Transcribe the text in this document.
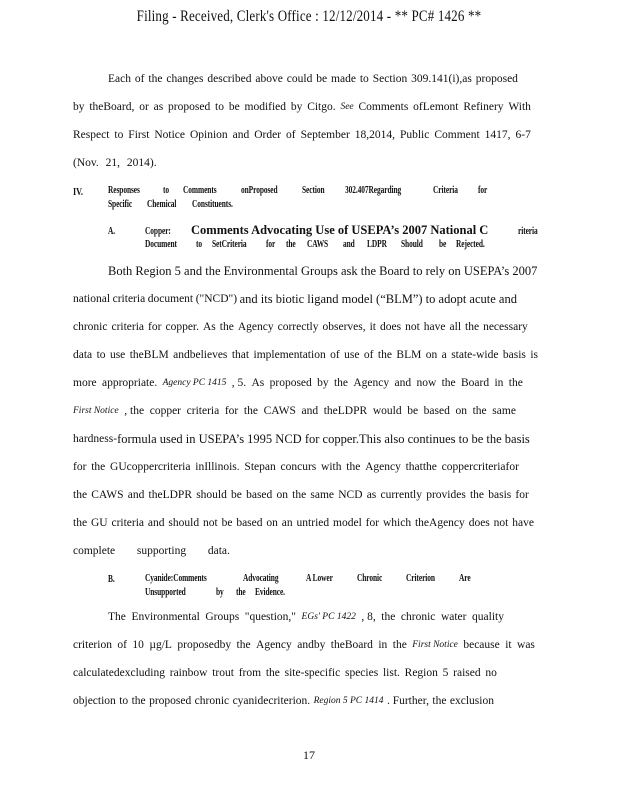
Filing - Received, Clerk's Office : 12/12/2014 - ** PC# 1426 **
Each of the changes described above could be made to Section 309.141(i),as proposed
by theBoard, or as proposed to be modified by Citgo. See Comments ofLemont Refinery With
Respect to First Notice Opinion and Order of September 18,2014, Public Comment 1417, 6-7
(Nov. 21, 2014).
IV.	Responses to Comments onProposed Section 302.407Regarding	Criteria for
Specific Chemical Constituents.
A.	Copper: Comments Advocating Use of USEPA’s 2007 National C	riteria
Document to SetCriteria for the CAWS and LDPR Should be Rejected.
Both Region 5 and the Environmental Groups ask the Board to rely on USEPA’s 2007
national criteria document ("NCD") and its biotic ligand model (“BLM”) to adopt acute and
chronic criteria for copper. As the Agency correctly observes, it does not have all the necessary
data to use theBLM andbelieves that implementation of use of the BLM on a state-wide basis is
more appropriate. Agency PC 1415 , 5. As proposed by the Agency and now the Board in the
First Notice , the copper criteria for the CAWS and theLDPR would be based on the same
hardness- formula used in USEPA’s 1995 NCD for copper. This also continues to be the basis
for the GUcoppercriteria inIllinois. Stepan concurs with the Agency thatthe coppercriteriafor
the CAWS and theLDPR should be based on the same NCD as currently provides the basis for
the GU criteria and should not be based on an untried model for which theAgency does not have
complete supporting data.
B.	Cyanide:Comments	Advocating	A Lower Chronic Criterion Are
Unsupported	by the Evidence.
The Environmental Groups "question," EGs' PC 1422 , 8, the chronic water quality
criterion of 10 µg/L proposedby the Agency andby theBoard in the First Notice because it was
calculatedexcluding rainbow trout from the site-specific species list. Region 5 raised no
objection to the proposed chronic cyanidecriterion. Region 5 PC 1414 . Further, the exclusion
17
